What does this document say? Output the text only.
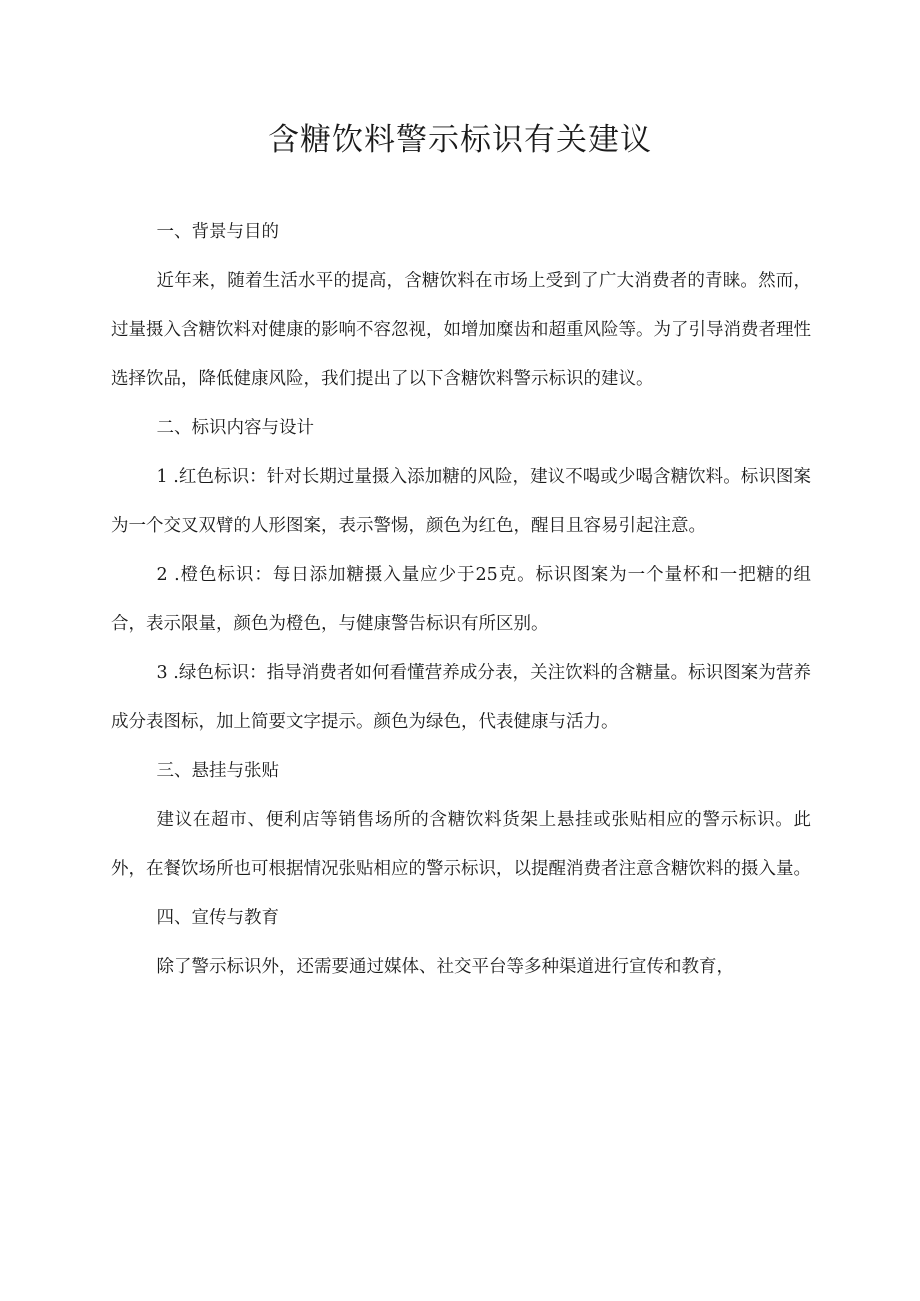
含糖饮料警示标识有关建议
一、背景与目的

近年来，随着生活水平的提高，含糖饮料在市场上受到了广大消费者的青睐。然而，过量摄入含糖饮料对健康的影响不容忽视，如增加糜齿和超重风险等。为了引导消费者理性选择饮品，降低健康风险，我们提出了以下含糖饮料警示标识的建议。

二、标识内容与设计

1 .红色标识：针对长期过量摄入添加糖的风险，建议不喝或少喝含糖饮料。标识图案为一个交叉双臂的人形图案，表示警惕，颜色为红色，醒目且容易引起注意。

2 .橙色标识：每日添加糖摄入量应少于25克。标识图案为一个量杯和一把糖的组合，表示限量，颜色为橙色，与健康警告标识有所区别。

3 .绿色标识：指导消费者如何看懂营养成分表，关注饮料的含糖量。标识图案为营养成分表图标，加上简要文字提示。颜色为绿色，代表健康与活力。

三、悬挂与张贴

建议在超市、便利店等销售场所的含糖饮料货架上悬挂或张贴相应的警示标识。此外，在餐饮场所也可根据情况张贴相应的警示标识，以提醒消费者注意含糖饮料的摄入量。

四、宣传与教育

除了警示标识外，还需要通过媒体、社交平台等多种渠道进行宣传和教育，
